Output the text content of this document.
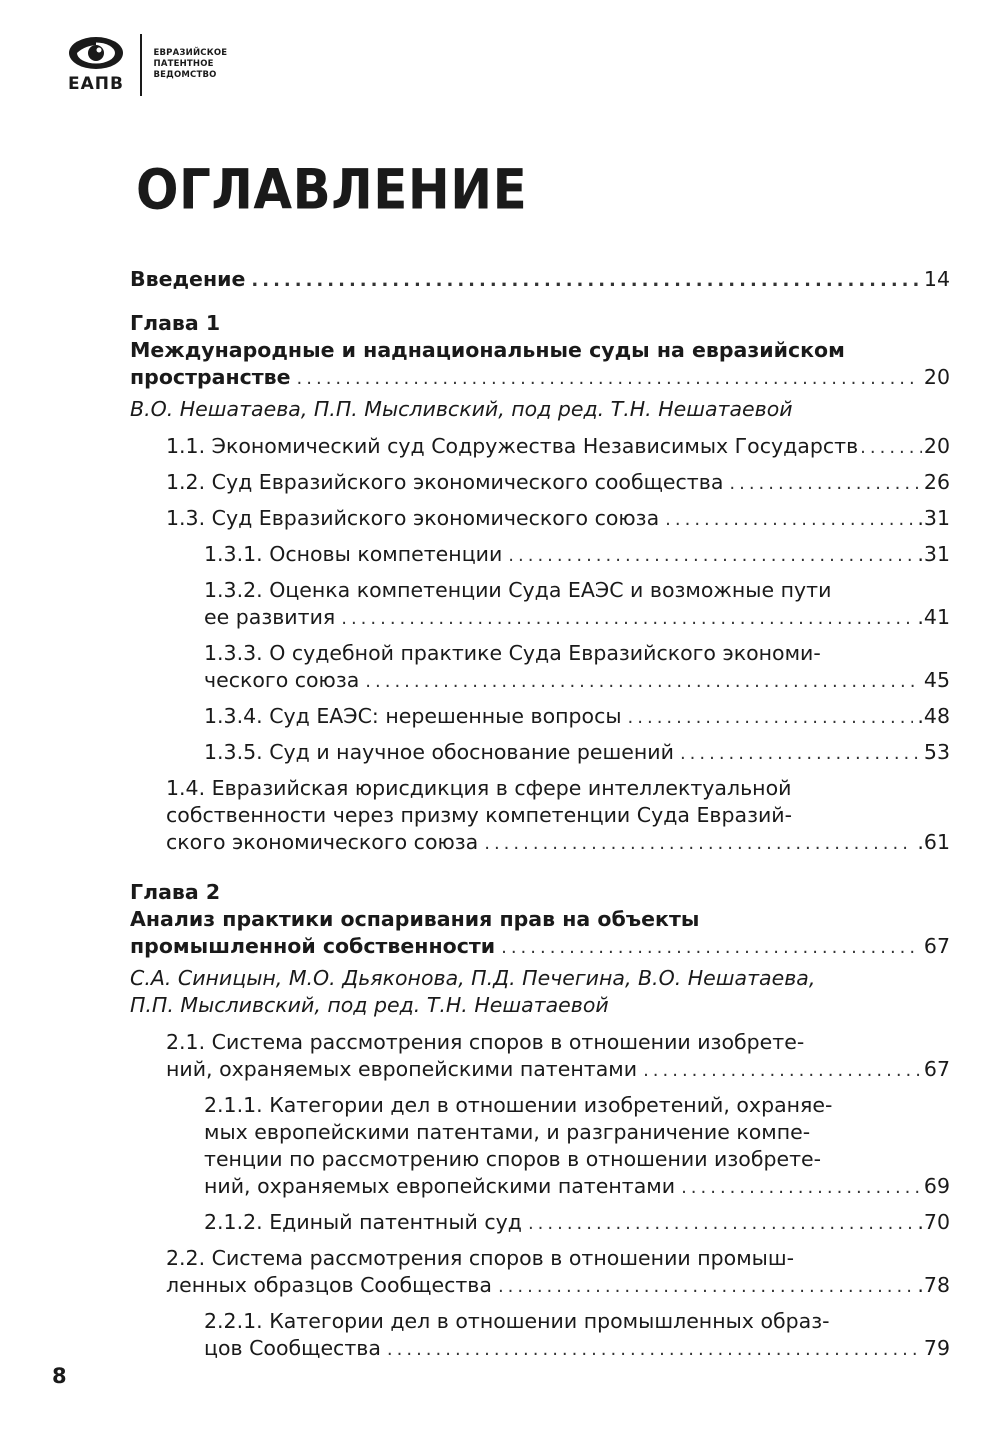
ЕАПВ
ЕВРАЗИЙСКОЕ
ПАТЕНТНОЕ
ВЕДОМСТВО
ОГЛАВЛЕНИЕ
Введение .....	14
Глава 1
Международные и наднациональные суды на евразийском
пространстве .....	20
В.О. Нешатаева, П.П. Мысливский, под ред. Т.Н. Нешатаевой
1.1. Экономический суд Содружества Независимых Государств .....	20
1.2. Суд Евразийского экономического сообщества .....	26
1.3. Суд Евразийского экономического союза .....	.31
1.3.1. Основы компетенции .....	.31
1.3.2. Оценка компетенции Суда ЕАЭС и возможные пути
ее развития .....	.41
1.3.3. О судебной практике Суда Евразийского экономи-
ческого союза .....	45
1.3.4. Суд ЕАЭС: нерешенные вопросы .....	.48
1.3.5. Суд и научное обоснование решений .....	53
1.4. Евразийская юрисдикция в сфере интеллектуальной
собственности через призму компетенции Суда Евразий-
ского экономического союза .....	.61
Глава 2
Анализ практики оспаривания прав на объекты
промышленной собственности .....	67
С.А. Синицын, М.О. Дьяконова, П.Д. Печегина, В.О. Нешатаева,
П.П. Мысливский, под ред. Т.Н. Нешатаевой
2.1. Система рассмотрения споров в отношении изобрете-
ний, охраняемых европейскими патентами .....	67
2.1.1. Категории дел в отношении изобретений, охраняе-
мых европейскими патентами, и разграничение компе-
тенции по рассмотрению споров в отношении изобрете-
ний, охраняемых европейскими патентами .....	69
2.1.2. Единый патентный суд .....	.70
2.2. Система рассмотрения споров в отношении промыш-
ленных образцов Сообщества .....	.78
2.2.1. Категории дел в отношении промышленных образ-
цов Сообщества .....	79
8
